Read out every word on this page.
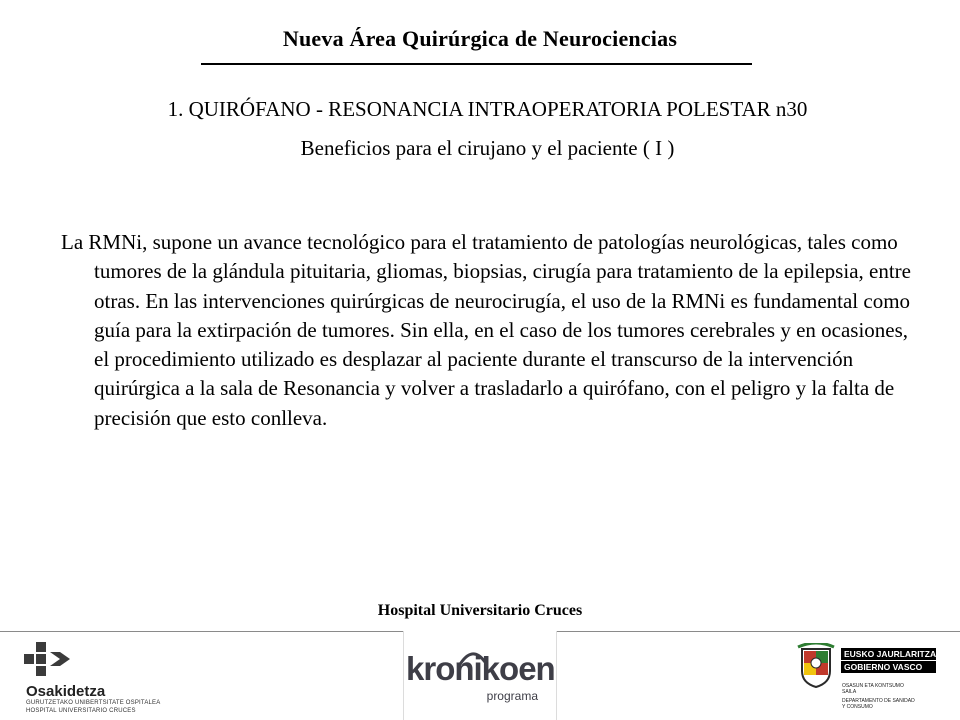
Nueva Área Quirúrgica de Neurociencias
1. QUIRÓFANO - RESONANCIA INTRAOPERATORIA POLESTAR n30
Beneficios para el cirujano y el paciente ( I )

La RMNi, supone un avance tecnológico para el tratamiento de patologías neurológicas, tales como tumores de la glándula pituitaria, gliomas, biopsias, cirugía para tratamiento de la epilepsia, entre otras. En las intervenciones quirúrgicas de neurocirugía, el uso de la RMNi es fundamental como guía para la extirpación de tumores. Sin ella, en el caso de los tumores cerebrales y en ocasiones, el procedimiento utilizado es desplazar al paciente durante el transcurso de la intervención quirúrgica a la sala de Resonancia y volver a trasladarlo a quirófano, con el peligro y la falta de precisión que esto conlleva.

Hospital Universitario Cruces
Osakidetza
GURUTZETAKO UNIBERTSITATE OSPITALEA
HOSPITAL UNIVERSITARIO CRUCES
kronikoen
programa
EUSKO JAURLARITZA
GOBIERNO VASCO
OSASUN ETA KONTSUMO
SAILA
DEPARTAMENTO DE SANIDAD
Y CONSUMO
